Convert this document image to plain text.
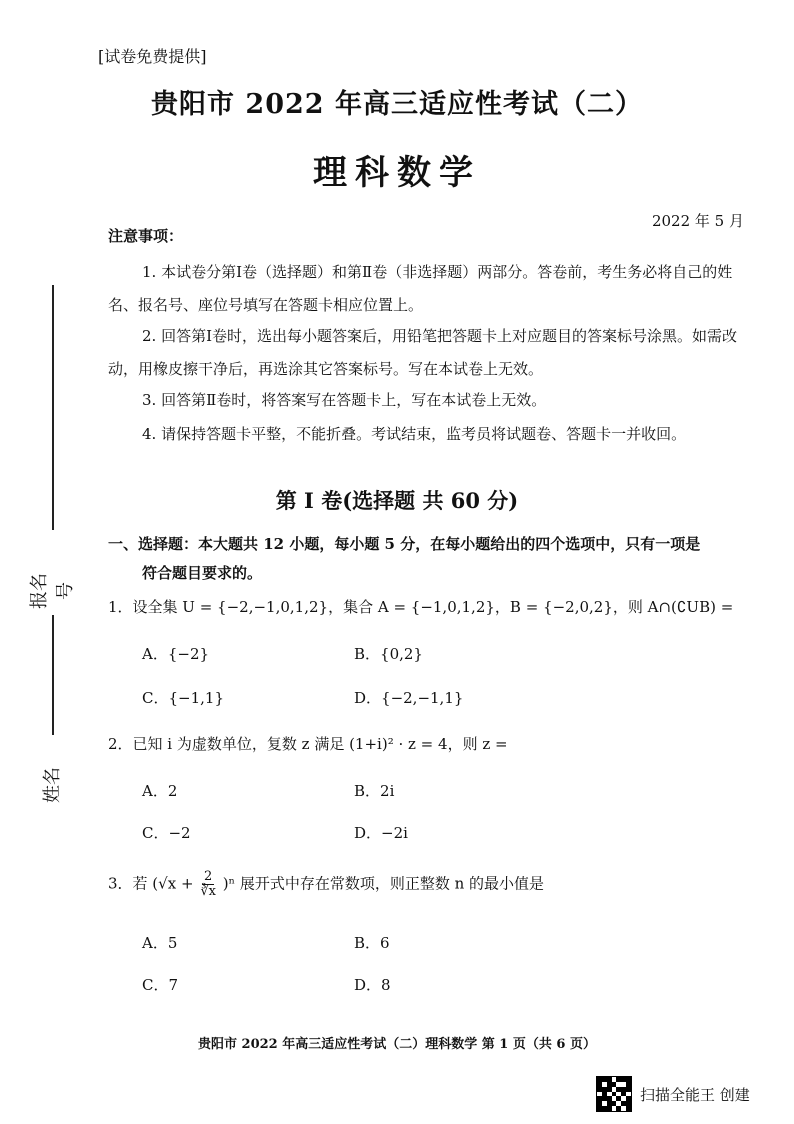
报名号
姓名
[试卷免费提供]
贵阳市 2022 年高三适应性考试（二）
理科数学
2022 年 5 月
注意事项：
1. 本试卷分第Ⅰ卷（选择题）和第Ⅱ卷（非选择题）两部分。答卷前，考生务必将自己的姓名、报名号、座位号填写在答题卡相应位置上。
2. 回答第Ⅰ卷时，选出每小题答案后，用铅笔把答题卡上对应题目的答案标号涂黑。如需改动，用橡皮擦干净后，再选涂其它答案标号。写在本试卷上无效。
3. 回答第Ⅱ卷时，将答案写在答题卡上，写在本试卷上无效。
4. 请保持答题卡平整，不能折叠。考试结束，监考员将试题卷、答题卡一并收回。
第 I 卷(选择题 共 60 分)
一、选择题：本大题共 12 小题，每小题 5 分，在每小题给出的四个选项中，只有一项是
符合题目要求的。
1．设全集 U = {−2,−1,0,1,2}，集合 A = {−1,0,1,2}，B = {−2,0,2}，则 A∩(∁UB) =
A．{−2}	B．{0,2}
C．{−1,1}	D．{−2,−1,1}
2．已知 i 为虚数单位，复数 z 满足 (1+i)² · z = 4，则 z =
A．2	B．2i
C．−2	D．−2i
3．若 $(√x + \frac{2}{∛x} )^n$ 展开式中存在常数项，则正整数 n 的最小值是
A．5	B．6
C．7	D．8
贵阳市 2022 年高三适应性考试（二）理科数学 第 1 页（共 6 页）
扫描全能王 创建
